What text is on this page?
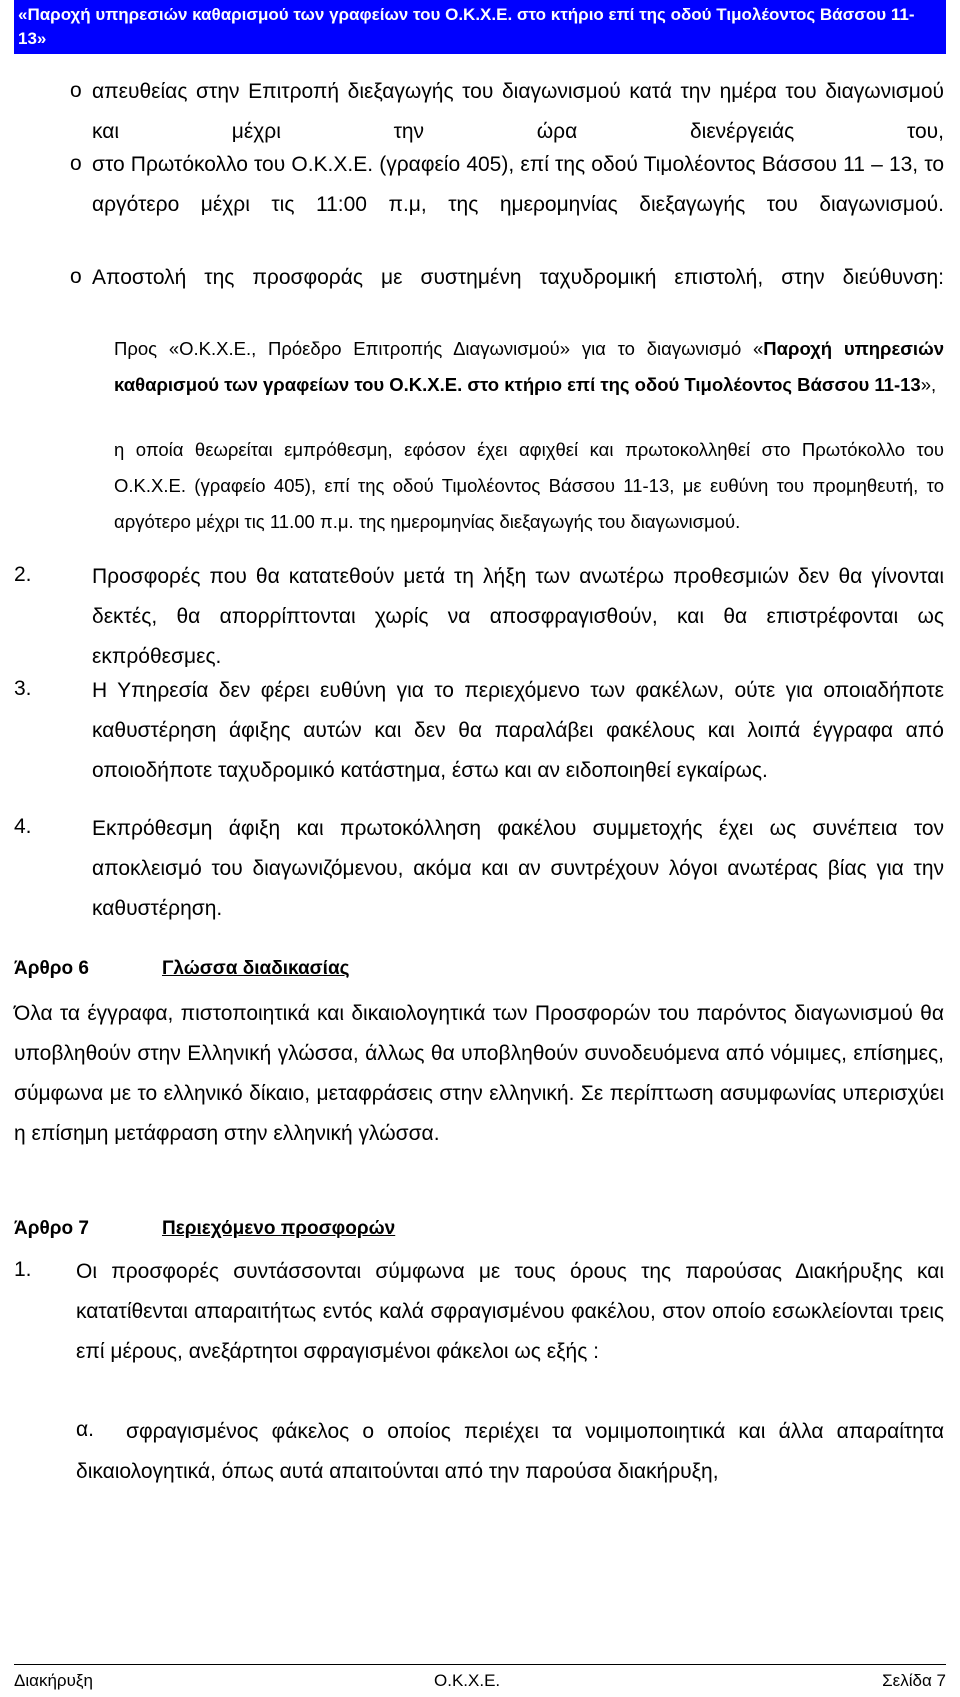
«Παροχή υπηρεσιών καθαρισμού των γραφείων του Ο.Κ.Χ.Ε. στο κτήριο επί της οδού Τιμολέοντος Βάσσου 11-13»
o απευθείας στην Επιτροπή διεξαγωγής του διαγωνισμού κατά την ημέρα του διαγωνισμού και μέχρι την ώρα διενέργειάς του,
o στο Πρωτόκολλο του Ο.Κ.Χ.Ε. (γραφείο 405), επί της οδού Τιμολέοντος Βάσσου 11 – 13, το αργότερο μέχρι τις 11:00 π.μ, της ημερομηνίας διεξαγωγής του διαγωνισμού.
o Αποστολή της προσφοράς με συστημένη ταχυδρομική επιστολή, στην διεύθυνση:
Προς «Ο.Κ.Χ.Ε., Πρόεδρο Επιτροπής Διαγωνισμού» για το διαγωνισμό «Παροχή υπηρεσιών καθαρισμού των γραφείων του Ο.Κ.Χ.Ε. στο κτήριο επί της οδού Τιμολέοντος Βάσσου 11-13»,
η οποία θεωρείται εμπρόθεσμη, εφόσον έχει αφιχθεί και πρωτοκολληθεί στο Πρωτόκολλο του Ο.Κ.Χ.Ε. (γραφείο 405), επί της οδού Τιμολέοντος Βάσσου 11-13, με ευθύνη του προμηθευτή, το αργότερο μέχρι τις 11.00 π.μ. της ημερομηνίας διεξαγωγής του διαγωνισμού.
2.	Προσφορές που θα κατατεθούν μετά τη λήξη των ανωτέρω προθεσμιών δεν θα γίνονται δεκτές, θα απορρίπτονται χωρίς να αποσφραγισθούν, και θα επιστρέφονται ως εκπρόθεσμες.
3.	Η Υπηρεσία δεν φέρει ευθύνη για το περιεχόμενο των φακέλων, ούτε για οποιαδήποτε καθυστέρηση άφιξης αυτών και δεν θα παραλάβει φακέλους και λοιπά έγγραφα από οποιοδήποτε ταχυδρομικό κατάστημα, έστω και αν ειδοποιηθεί εγκαίρως.
4.	Εκπρόθεσμη άφιξη και πρωτοκόλληση φακέλου συμμετοχής έχει ως συνέπεια τον αποκλεισμό του διαγωνιζόμενου, ακόμα και αν συντρέχουν λόγοι ανωτέρας βίας για την καθυστέρηση.
Άρθρο 6	Γλώσσα διαδικασίας
Όλα τα έγγραφα, πιστοποιητικά και δικαιολογητικά των Προσφορών του παρόντος διαγωνισμού θα υποβληθούν στην Ελληνική γλώσσα, άλλως θα υποβληθούν συνοδευόμενα από νόμιμες, επίσημες, σύμφωνα με το ελληνικό δίκαιο, μεταφράσεις στην ελληνική. Σε περίπτωση ασυμφωνίας υπερισχύει η επίσημη μετάφραση στην ελληνική γλώσσα.
Άρθρο 7	Περιεχόμενο προσφορών
1. Οι προσφορές συντάσσονται σύμφωνα με τους όρους της παρούσας Διακήρυξης και κατατίθενται απαραιτήτως εντός καλά σφραγισμένου φακέλου, στον οποίο εσωκλείονται τρεις επί μέρους, ανεξάρτητοι σφραγισμένοι φάκελοι ως εξής :
α.	σφραγισμένος φάκελος ο οποίος περιέχει τα νομιμοποιητικά και άλλα απαραίτητα δικαιολογητικά, όπως αυτά απαιτούνται από την παρούσα διακήρυξη,
Διακήρυξη	Ο.Κ.Χ.Ε.	Σελίδα 7
